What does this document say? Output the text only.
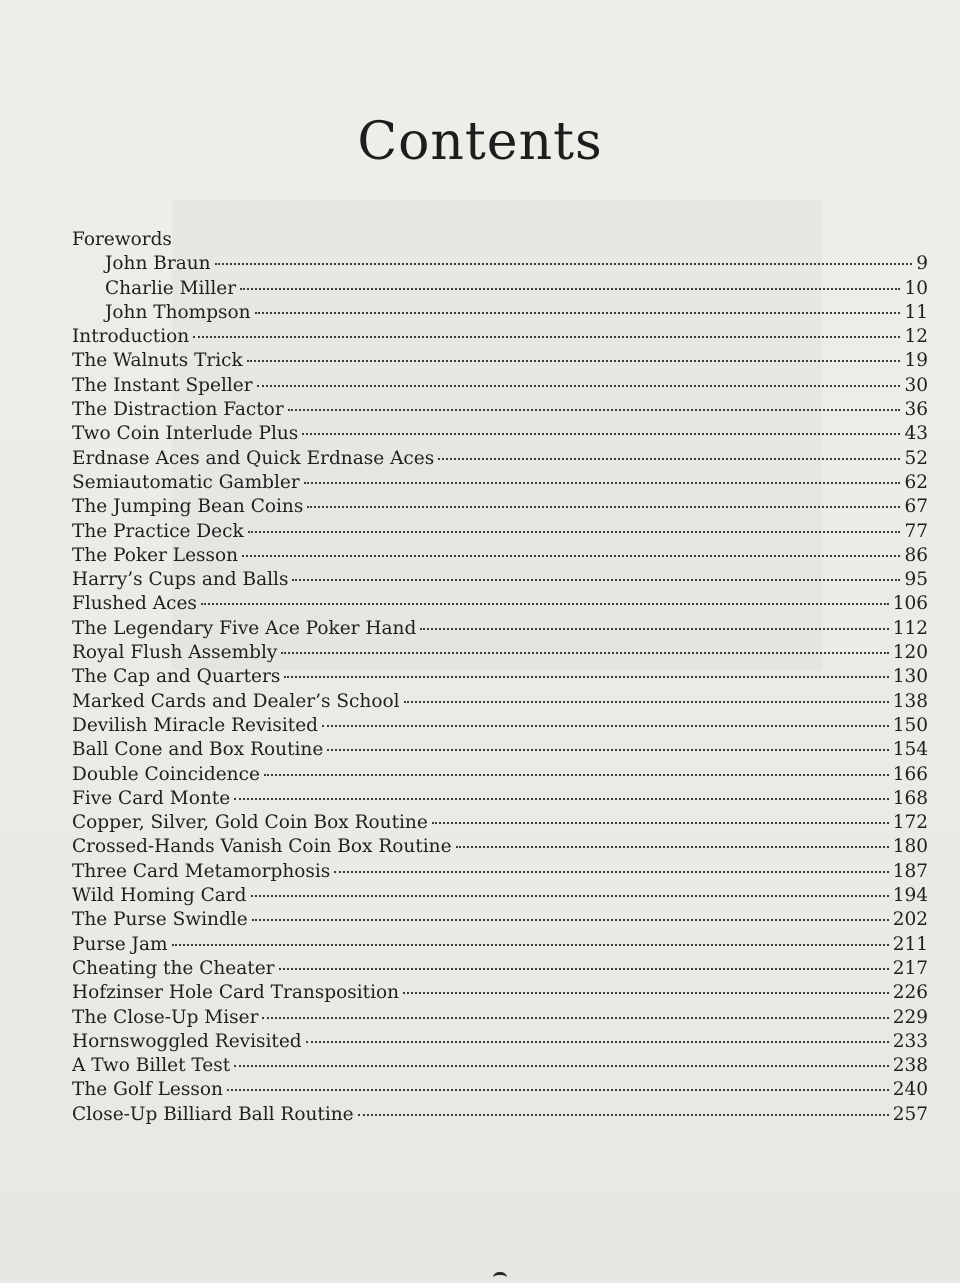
Contents
Forewords
John Braun	9
Charlie Miller	10
John Thompson	11
Introduction	12
The Walnuts Trick	19
The Instant Speller	30
The Distraction Factor	36
Two Coin Interlude Plus	43
Erdnase Aces and Quick Erdnase Aces	52
Semiautomatic Gambler	62
The Jumping Bean Coins	67
The Practice Deck	77
The Poker Lesson	86
Harry’s Cups and Balls	95
Flushed Aces	106
The Legendary Five Ace Poker Hand	112
Royal Flush Assembly	120
The Cap and Quarters	130
Marked Cards and Dealer’s School	138
Devilish Miracle Revisited	150
Ball Cone and Box Routine	154
Double Coincidence	166
Five Card Monte	168
Copper, Silver, Gold Coin Box Routine	172
Crossed-Hands Vanish Coin Box Routine	180
Three Card Metamorphosis	187
Wild Homing Card	194
The Purse Swindle	202
Purse Jam	211
Cheating the Cheater	217
Hofzinser Hole Card Transposition	226
The Close-Up Miser	229
Hornswoggled Revisited	233
A Two Billet Test	238
The Golf Lesson	240
Close-Up Billiard Ball Routine	257
